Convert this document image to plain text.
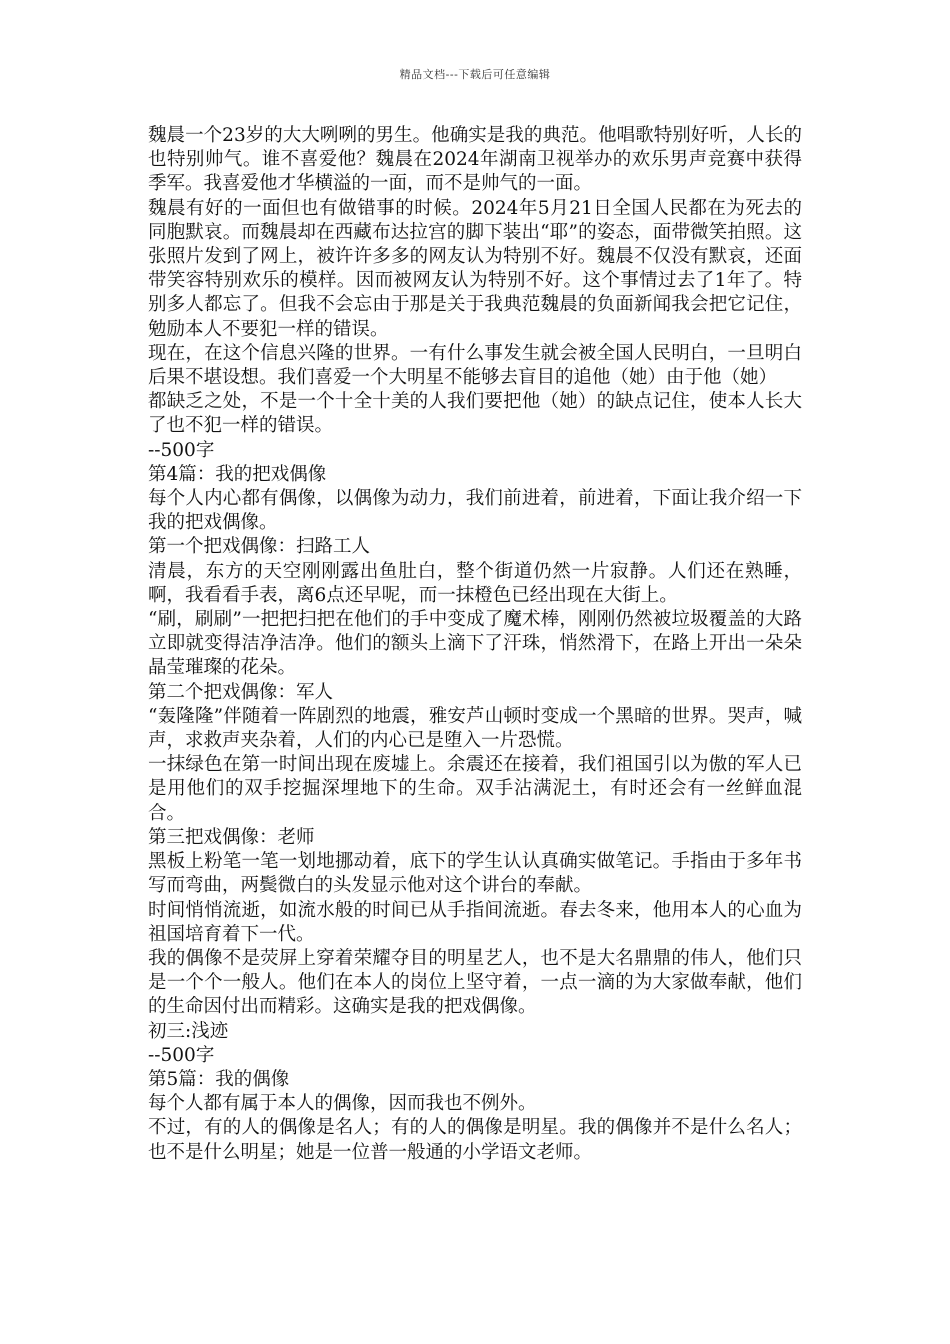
精品文档---下载后可任意编辑

魏晨一个23岁的大大咧咧的男生。他确实是我的典范。他唱歌特别好听，人长的也特别帅气。谁不喜爱他？魏晨在2024年湖南卫视举办的欢乐男声竞赛中获得季军。我喜爱他才华横溢的一面，而不是帅气的一面。

魏晨有好的一面但也有做错事的时候。2024年5月21日全国人民都在为死去的同胞默哀。而魏晨却在西藏布达拉宫的脚下装出“耶”的姿态，面带微笑拍照。这张照片发到了网上，被许许多多的网友认为特别不好。魏晨不仅没有默哀，还面带笑容特别欢乐的模样。因而被网友认为特别不好。这个事情过去了1年了。特别多人都忘了。但我不会忘由于那是关于我典范魏晨的负面新闻我会把它记住，勉励本人不要犯一样的错误。

现在，在这个信息兴隆的世界。一有什么事发生就会被全国人民明白，一旦明白后果不堪设想。我们喜爱一个大明星不能够去盲目的追他（她）由于他（她）

都缺乏之处，不是一个十全十美的人我们要把他（她）的缺点记住，使本人长大了也不犯一样的错误。

--500字

第4篇：我的把戏偶像

每个人内心都有偶像，以偶像为动力，我们前进着，前进着，下面让我介绍一下我的把戏偶像。

第一个把戏偶像：扫路工人

清晨，东方的天空刚刚露出鱼肚白，整个街道仍然一片寂静。人们还在熟睡，啊，我看看手表，离6点还早呢，而一抹橙色已经出现在大街上。

“刷，刷刷”一把把扫把在他们的手中变成了魔术棒，刚刚仍然被垃圾覆盖的大路立即就变得洁净洁净。他们的额头上滴下了汗珠，悄然滑下，在路上开出一朵朵晶莹璀璨的花朵。

第二个把戏偶像：军人

“轰隆隆”伴随着一阵剧烈的地震，雅安芦山顿时变成一个黑暗的世界。哭声，喊声，求救声夹杂着，人们的内心已是堕入一片恐慌。

一抹绿色在第一时间出现在废墟上。余震还在接着，我们祖国引以为傲的军人已是用他们的双手挖掘深埋地下的生命。双手沾满泥土，有时还会有一丝鲜血混合。

第三把戏偶像：老师

黑板上粉笔一笔一划地挪动着，底下的学生认认真确实做笔记。手指由于多年书写而弯曲，两鬓微白的头发显示他对这个讲台的奉献。

时间悄悄流逝，如流水般的时间已从手指间流逝。春去冬来，他用本人的心血为祖国培育着下一代。

我的偶像不是荧屏上穿着荣耀夺目的明星艺人，也不是大名鼎鼎的伟人，他们只是一个个一般人。他们在本人的岗位上坚守着，一点一滴的为大家做奉献，他们的生命因付出而精彩。这确实是我的把戏偶像。

初三:浅迹

--500字

第5篇：我的偶像

每个人都有属于本人的偶像，因而我也不例外。

不过，有的人的偶像是名人；有的人的偶像是明星。我的偶像并不是什么名人；也不是什么明星；她是一位普一般通的小学语文老师。
